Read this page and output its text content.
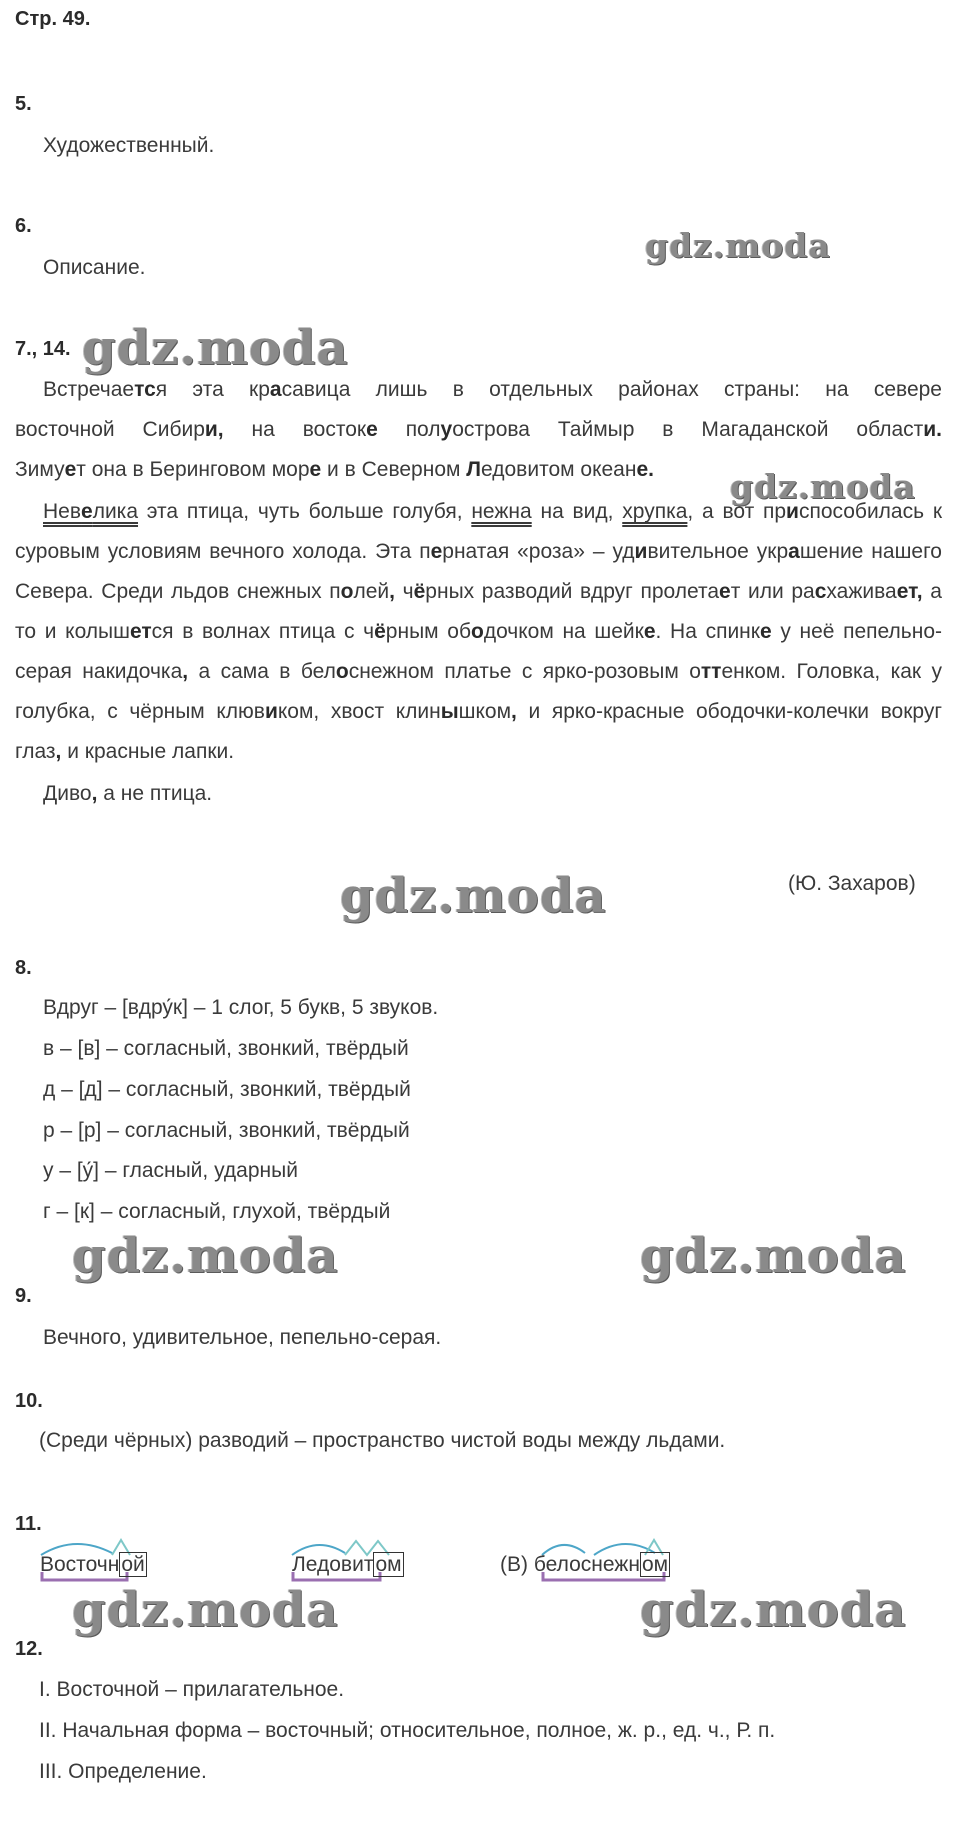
Стр. 49.
5.
Художественный.
6.
Описание.
gdz.moda
7., 14. gdz.moda

Встречается эта красавица лишь в отдельных районах страны: на севере

восточной Сибири, на востоке полуострова Таймыр в Магаданской области.

Зимует она в Беринговом море и в Северном Ледовитом океане.

Невелика эта птица, чуть больше голубя, нежна на вид, хрупка, а вот приспособилась к суровым условиям вечного холода. Эта пернатая «роза» – удивительное украшение нашего Севера. Среди льдов снежных полей, чёрных разводий вдруг пролетает или расхаживает, а то и колышется в волнах птица с чёрным ободочком на шейке. На спинке у неё пепельно-серая накидочка, а сама в белоснежном платье с ярко-розовым оттенком. Головка, как у голубка, с чёрным клювиком, хвост клинышком, и ярко-красные ободочки-колечки вокруг глаз, и красные лапки.

Диво, а не птица.

gdz.moda
(Ю. Захаров)
gdz.moda
8.
Вдруг – [вдру́к] – 1 слог, 5 букв, 5 звуков.
в – [в] – согласный, звонкий, твёрдый
д – [д] – согласный, звонкий, твёрдый
р – [р] – согласный, звонкий, твёрдый
у – [у́] – гласный, ударный
г – [к] – согласный, глухой, твёрдый
gdz.moda	gdz.moda
9.
Вечного, удивительное, пепельно-серая.
10.
(Среди чёрных) разводий – пространство чистой воды между льдами.
11.
Восточной	Ледовитом	(В) белоснежном
gdz.moda	gdz.moda
12.
I. Восточной – прилагательное.
II. Начальная форма – восточный; относительное, полное, ж. р., ед. ч., Р. п.
III. Определение.
